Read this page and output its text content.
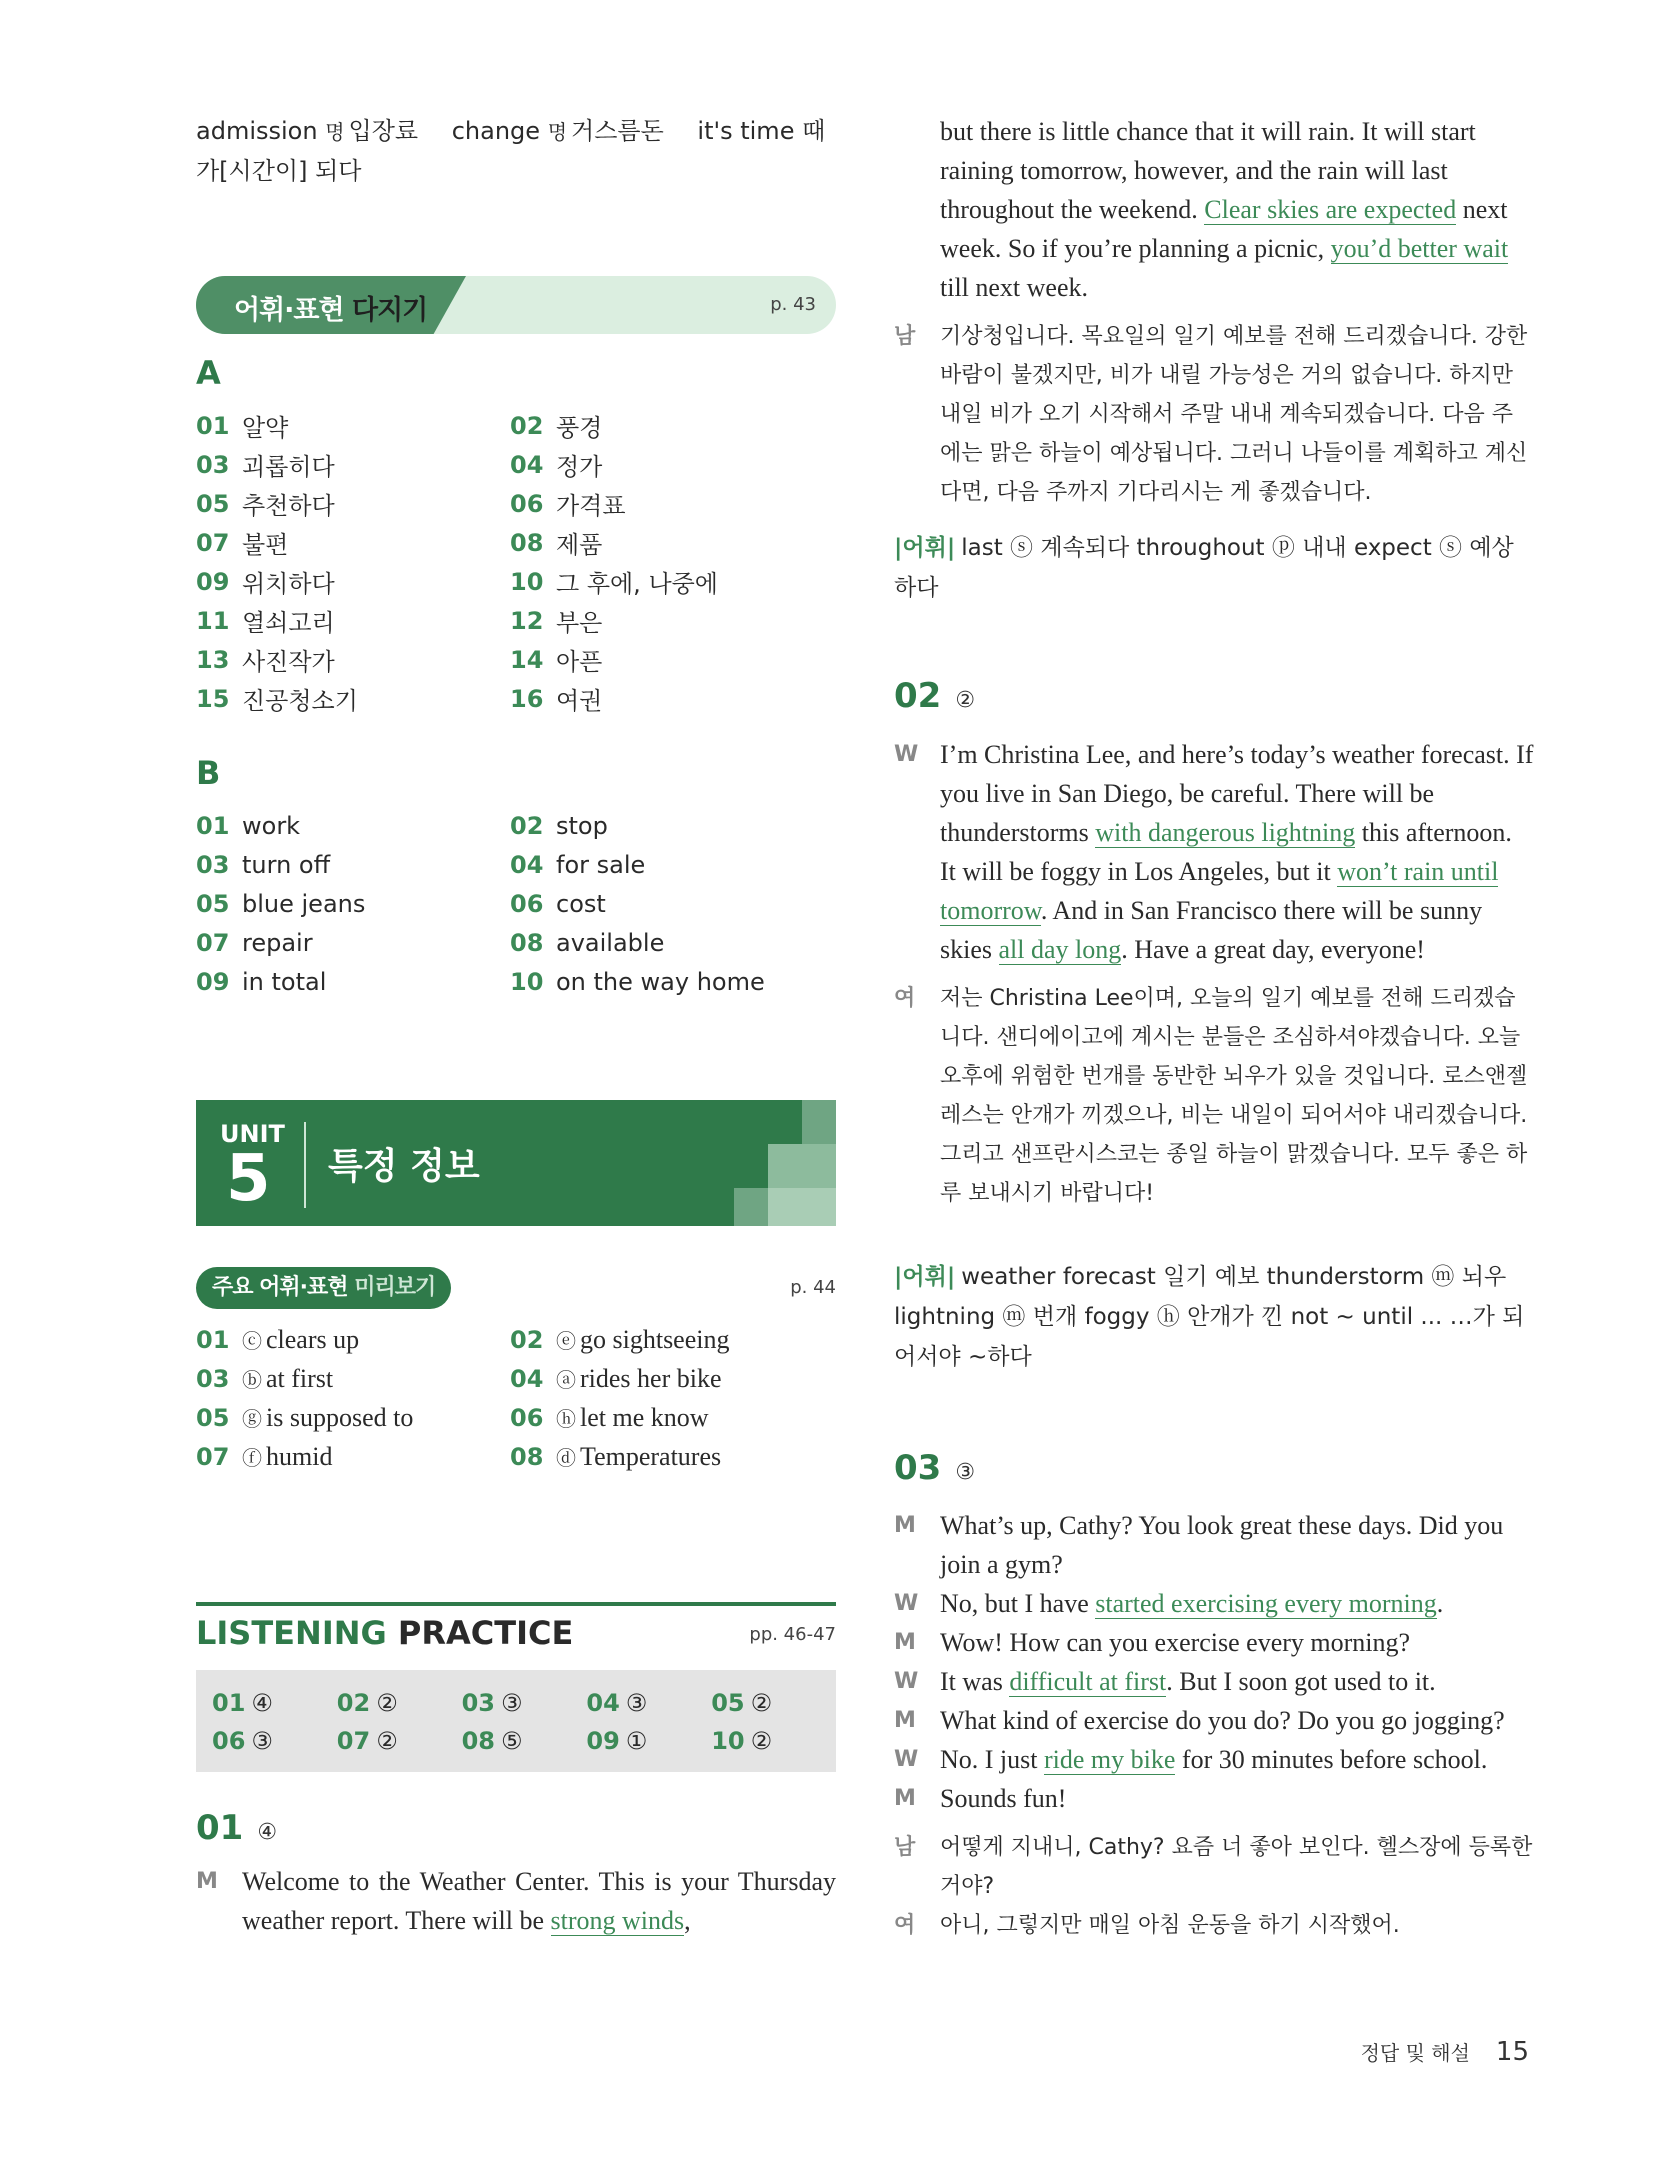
admission 명 입장료 change 명 거스름돈 it's time 때가[시간이] 되다
어휘·표현 다지기	p. 43
A
01 알약	02 풍경
03 괴롭히다	04 정가
05 추천하다	06 가격표
07 불편	08 제품
09 위치하다	10 그 후에, 나중에
11 열쇠고리	12 부은
13 사진작가	14 아픈
15 진공청소기	16 여권
B
01 work	02 stop
03 turn off	04 for sale
05 blue jeans	06 cost
07 repair	08 available
09 in total	10 on the way home
UNIT
5 특정 정보
주요 어휘·표현 미리보기	p. 44
01 ⓒ clears up	02 ⓔ go sightseeing
03 ⓑ at first	04 ⓐ rides her bike
05 ⓖ is supposed to	06 ⓗ let me know
07 ⓕ humid	08 ⓓ Temperatures
LISTENING PRACTICE	pp. 46-47
01 ④	02 ②	03 ③	04 ③	05 ②
06 ③	07 ②	08 ⑤	09 ①	10 ②
01 ④
M Welcome to the Weather Center. This is your Thursday weather report. There will be strong winds,
but there is little chance that it will rain. It will start raining tomorrow, however, and the rain will last throughout the weekend. Clear skies are expected next week. So if you’re planning a picnic, you’d better wait till next week.
남	기상청입니다. 목요일의 일기 예보를 전해 드리겠습니다. 강한 바람이 불겠지만, 비가 내릴 가능성은 거의 없습니다. 하지만 내일 비가 오기 시작해서 주말 내내 계속되겠습니다. 다음 주에는 맑은 하늘이 예상됩니다. 그러니 나들이를 계획하고 계신다면, 다음 주까지 기다리시는 게 좋겠습니다.
|어휘| last ⓢ 계속되다 throughout ⓟ 내내 expect ⓢ 예상하다
02 ②
W I’m Christina Lee, and here’s today’s weather forecast. If you live in San Diego, be careful. There will be thunderstorms with dangerous lightning this afternoon. It will be foggy in Los Angeles, but it won’t rain until tomorrow. And in San Francisco there will be sunny skies all day long. Have a great day, everyone!
여	저는 Christina Lee이며, 오늘의 일기 예보를 전해 드리겠습니다. 샌디에이고에 계시는 분들은 조심하셔야겠습니다. 오늘 오후에 위험한 번개를 동반한 뇌우가 있을 것입니다. 로스앤젤레스는 안개가 끼겠으나, 비는 내일이 되어서야 내리겠습니다. 그리고 샌프란시스코는 종일 하늘이 맑겠습니다. 모두 좋은 하루 보내시기 바랍니다!
|어휘| weather forecast 일기 예보 thunderstorm ⓜ 뇌우 lightning ⓜ 번개 foggy ⓗ 안개가 낀 not ~ until ... …가 되어서야 ~하다
03 ③
M What’s up, Cathy? You look great these days. Did you join a gym?
W No, but I have started exercising every morning.
M Wow! How can you exercise every morning?
W It was difficult at first. But I soon got used to it.
M What kind of exercise do you do? Do you go jogging?
W No. I just ride my bike for 30 minutes before school.
M Sounds fun!
남	어떻게 지내니, Cathy? 요즘 너 좋아 보인다. 헬스장에 등록한 거야?
여	아니, 그렇지만 매일 아침 운동을 하기 시작했어.
정답 및 해설 15
